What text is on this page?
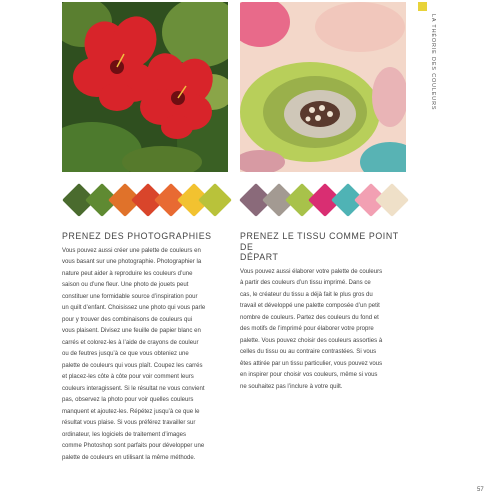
PRENEZ DES PHOTOGRAPHIES
Vous pouvez aussi créer une palette de couleurs en
vous basant sur une photographie. Photographier la
nature peut aider à reproduire les couleurs d’une
saison ou d’une fleur. Une photo de jouets peut
constituer une formidable source d’inspiration pour
un quilt d’enfant. Choisissez une photo qui vous parle
pour y trouver des combinaisons de couleurs qui
vous plaisent. Divisez une feuille de papier blanc en
carrés et colorez-les à l’aide de crayons de couleur
ou de feutres jusqu’à ce que vous obteniez une
palette de couleurs qui vous plaît. Coupez les carrés
et placez-les côte à côte pour voir comment leurs
couleurs interagissent. Si le résultat ne vous convient
pas, observez la photo pour voir quelles couleurs
manquent et ajoutez-les. Répétez jusqu’à ce que le
résultat vous plaise. Si vous préférez travailler sur
ordinateur, les logiciels de traitement d’images
comme Photoshop sont parfaits pour développer une
palette de couleurs en utilisant la même méthode.
PRENEZ LE TISSU COMME POINT DE
DÉPART
Vous pouvez aussi élaborer votre palette de couleurs
à partir des couleurs d’un tissu imprimé. Dans ce
cas, le créateur du tissu a déjà fait le plus gros du
travail et développé une palette composée d’un petit
nombre de couleurs. Partez des couleurs du fond et
des motifs de l’imprimé pour élaborer votre propre
palette. Vous pouvez choisir des couleurs assorties à
celles du tissu ou au contraire contrastées. Si vous
êtes attirée par un tissu particulier, vous pouvez vous
en inspirer pour choisir vos couleurs, même si vous
ne souhaitez pas l’inclure à votre quilt.
LA THÉORIE DES COULEURS
57
